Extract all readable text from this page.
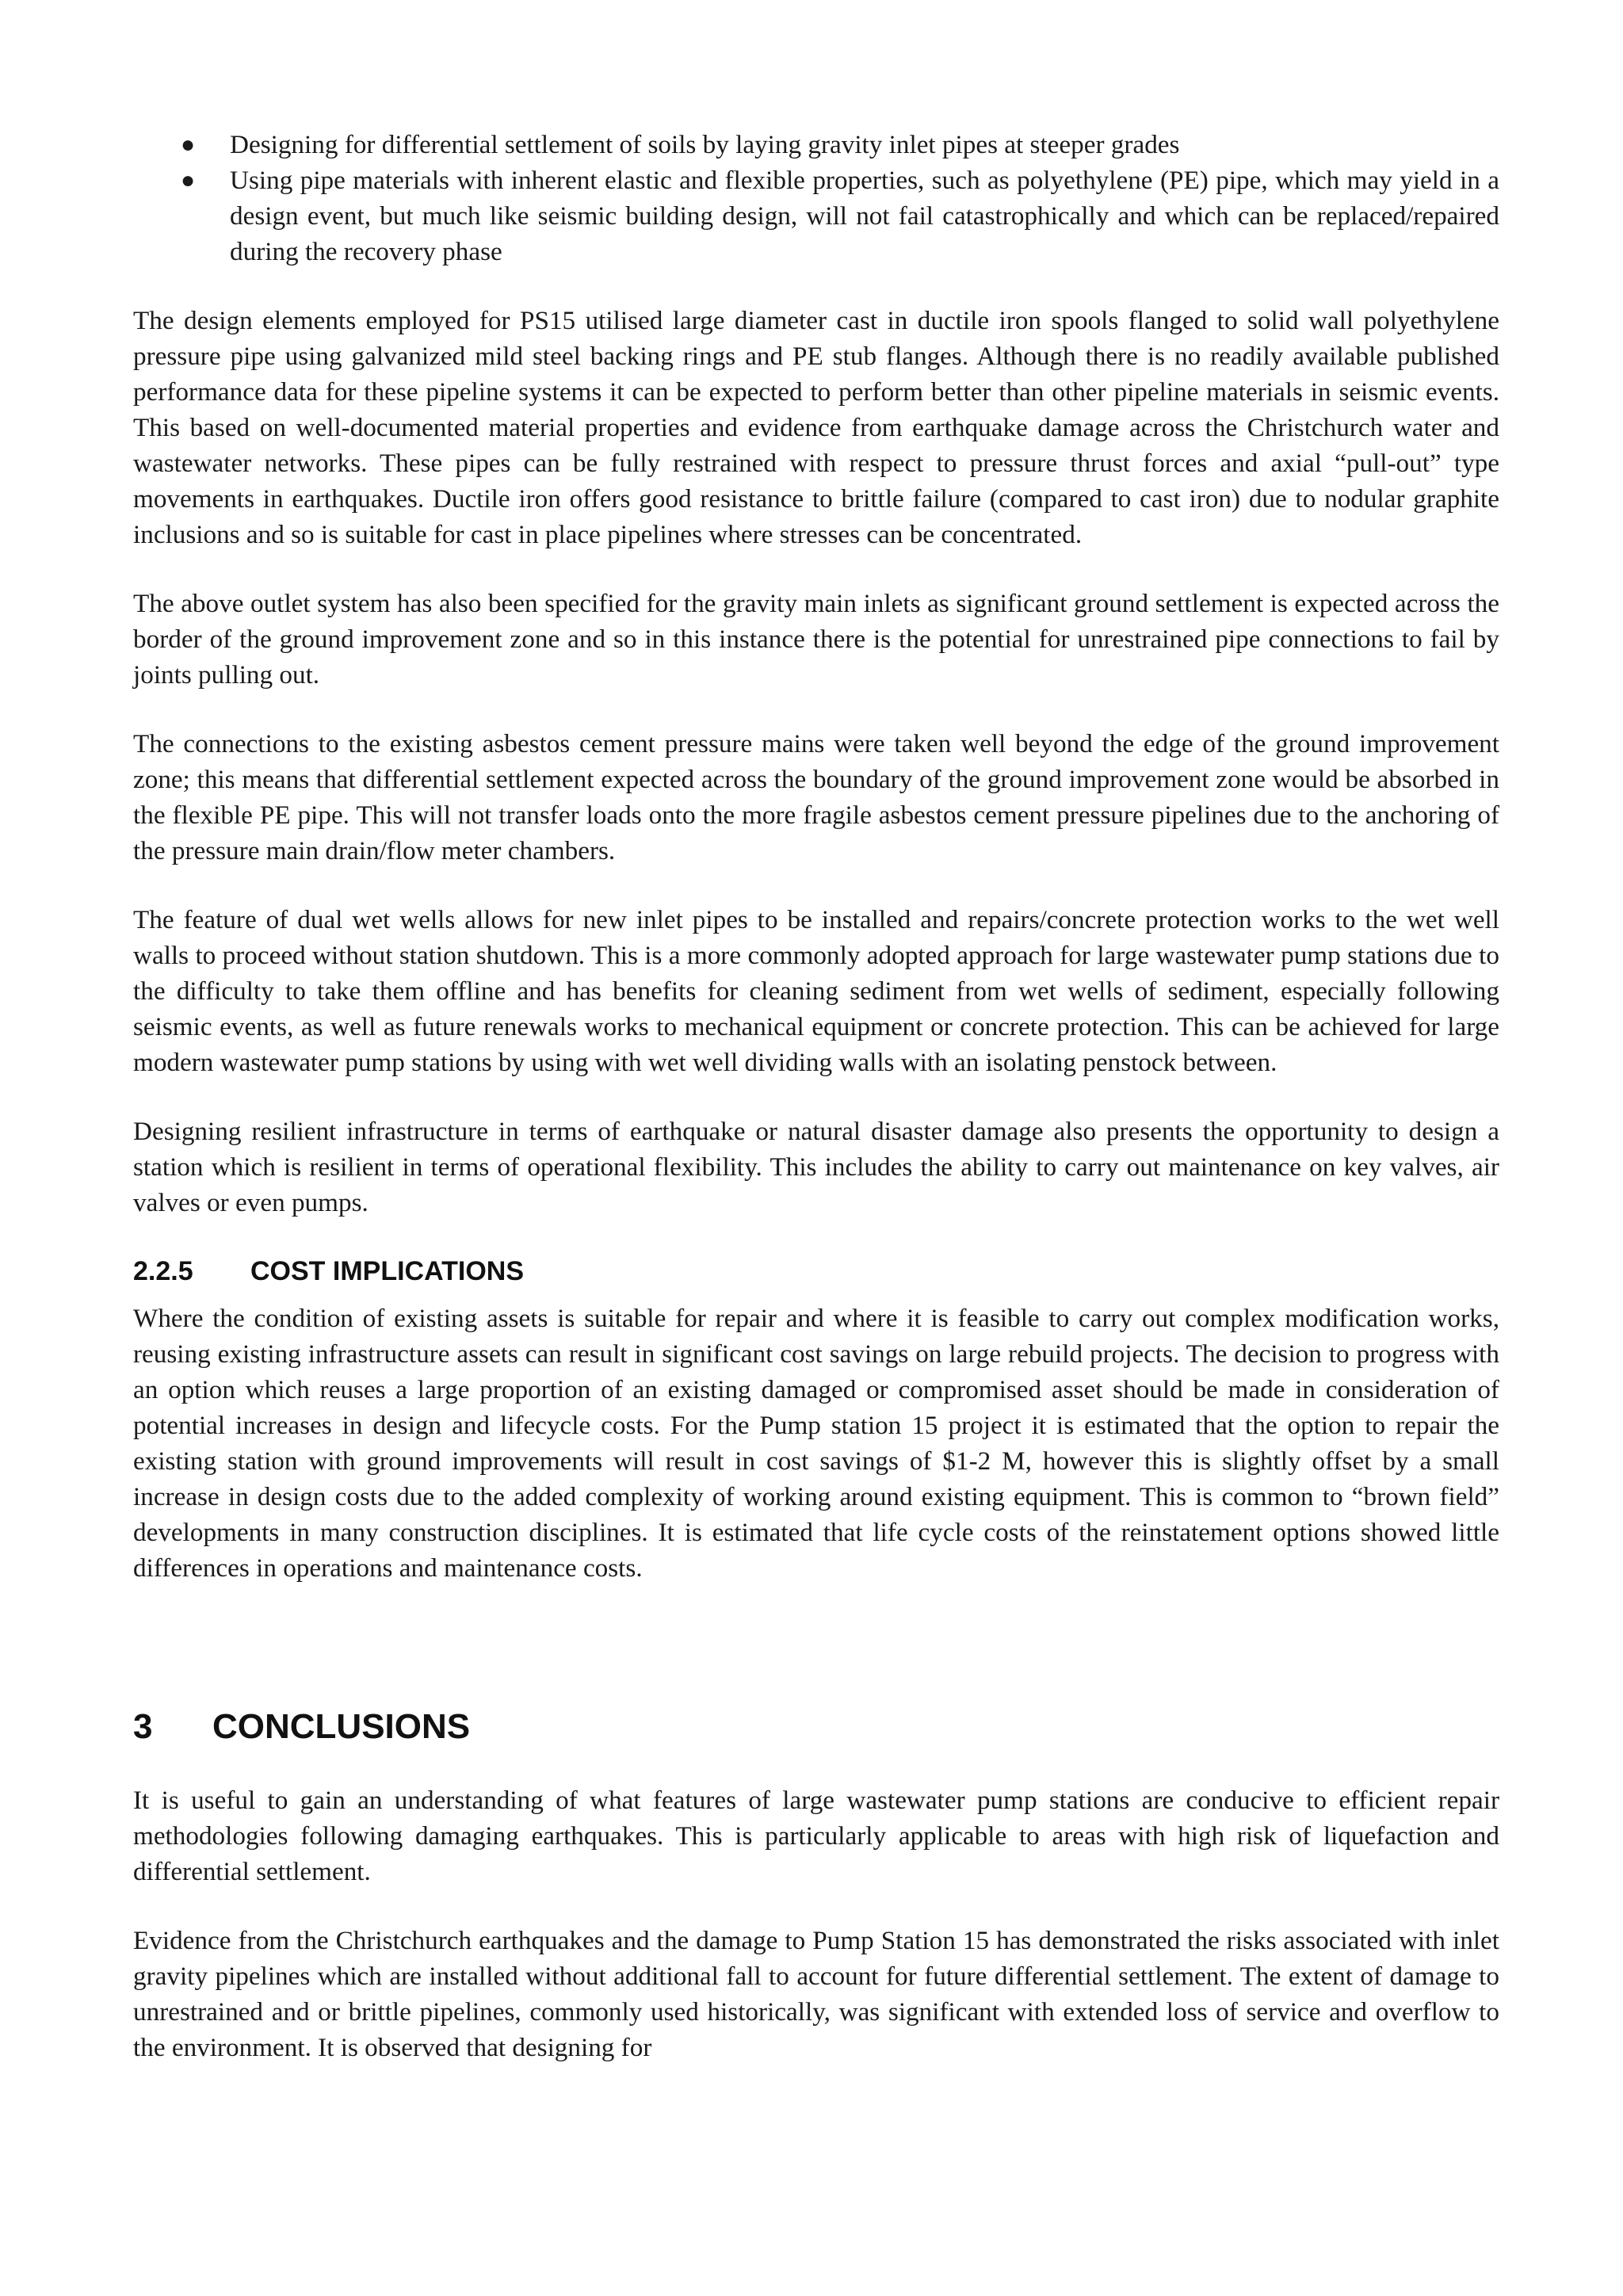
● Designing for differential settlement of soils by laying gravity inlet pipes at steeper grades
● Using pipe materials with inherent elastic and flexible properties, such as polyethylene (PE) pipe, which may yield in a design event, but much like seismic building design, will not fail catastrophically and which can be replaced/repaired during the recovery phase

The design elements employed for PS15 utilised large diameter cast in ductile iron spools flanged to solid wall polyethylene pressure pipe using galvanized mild steel backing rings and PE stub flanges. Although there is no readily available published performance data for these pipeline systems it can be expected to perform better than other pipeline materials in seismic events. This based on well-documented material properties and evidence from earthquake damage across the Christchurch water and wastewater networks. These pipes can be fully restrained with respect to pressure thrust forces and axial “pull-out” type movements in earthquakes. Ductile iron offers good resistance to brittle failure (compared to cast iron) due to nodular graphite inclusions and so is suitable for cast in place pipelines where stresses can be concentrated.

The above outlet system has also been specified for the gravity main inlets as significant ground settlement is expected across the border of the ground improvement zone and so in this instance there is the potential for unrestrained pipe connections to fail by joints pulling out.

The connections to the existing asbestos cement pressure mains were taken well beyond the edge of the ground improvement zone; this means that differential settlement expected across the boundary of the ground improvement zone would be absorbed in the flexible PE pipe. This will not transfer loads onto the more fragile asbestos cement pressure pipelines due to the anchoring of the pressure main drain/flow meter chambers.

The feature of dual wet wells allows for new inlet pipes to be installed and repairs/concrete protection works to the wet well walls to proceed without station shutdown. This is a more commonly adopted approach for large wastewater pump stations due to the difficulty to take them offline and has benefits for cleaning sediment from wet wells of sediment, especially following seismic events, as well as future renewals works to mechanical equipment or concrete protection. This can be achieved for large modern wastewater pump stations by using with wet well dividing walls with an isolating penstock between.

Designing resilient infrastructure in terms of earthquake or natural disaster damage also presents the opportunity to design a station which is resilient in terms of operational flexibility. This includes the ability to carry out maintenance on key valves, air valves or even pumps.

2.2.5 COST IMPLICATIONS

Where the condition of existing assets is suitable for repair and where it is feasible to carry out complex modification works, reusing existing infrastructure assets can result in significant cost savings on large rebuild projects. The decision to progress with an option which reuses a large proportion of an existing damaged or compromised asset should be made in consideration of potential increases in design and lifecycle costs. For the Pump station 15 project it is estimated that the option to repair the existing station with ground improvements will result in cost savings of $1-2 M, however this is slightly offset by a small increase in design costs due to the added complexity of working around existing equipment. This is common to “brown field” developments in many construction disciplines. It is estimated that life cycle costs of the reinstatement options showed little differences in operations and maintenance costs.

3 CONCLUSIONS

It is useful to gain an understanding of what features of large wastewater pump stations are conducive to efficient repair methodologies following damaging earthquakes. This is particularly applicable to areas with high risk of liquefaction and differential settlement.

Evidence from the Christchurch earthquakes and the damage to Pump Station 15 has demonstrated the risks associated with inlet gravity pipelines which are installed without additional fall to account for future differential settlement. The extent of damage to unrestrained and or brittle pipelines, commonly used historically, was significant with extended loss of service and overflow to the environment. It is observed that designing for
